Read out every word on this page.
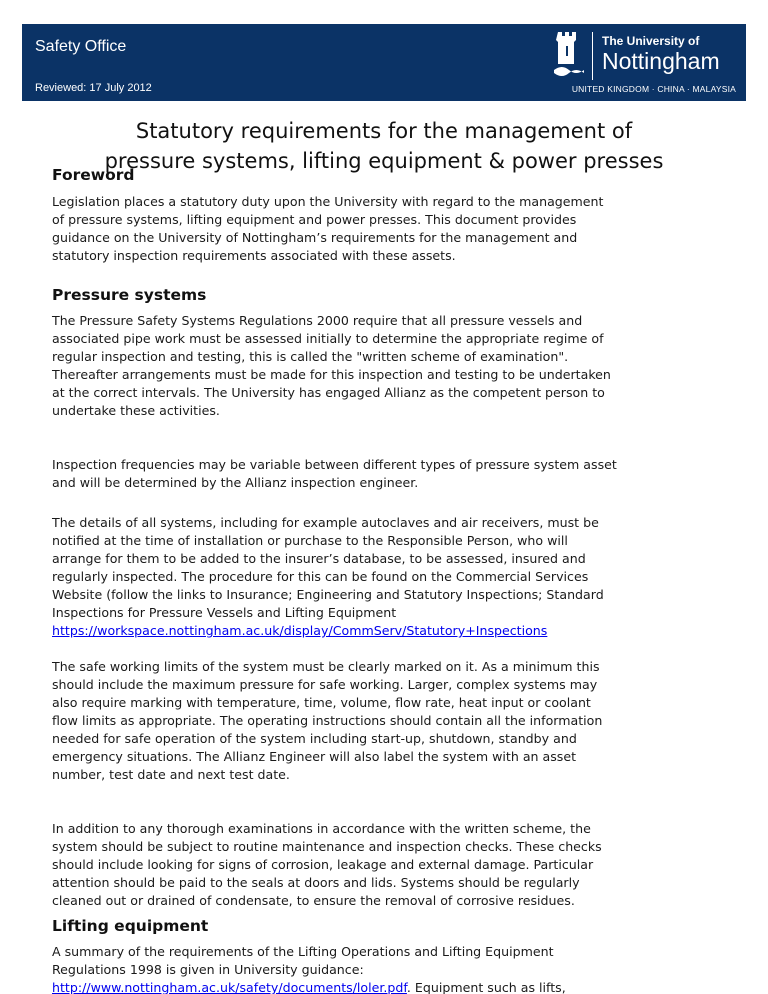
Safety Office
Reviewed: 17 July 2012
The University of
Nottingham
UNITED KINGDOM · CHINA · MALAYSIA
Statutory requirements for the management of
pressure systems, lifting equipment & power presses
Foreword
Legislation places a statutory duty upon the University with regard to the management
of pressure systems, lifting equipment and power presses. This document provides
guidance on the University of Nottingham’s requirements for the management and
statutory inspection requirements associated with these assets.
Pressure systems
The Pressure Safety Systems Regulations 2000 require that all pressure vessels and
associated pipe work must be assessed initially to determine the appropriate regime of
regular inspection and testing, this is called the "written scheme of examination".
Thereafter arrangements must be made for this inspection and testing to be undertaken
at the correct intervals. The University has engaged Allianz as the competent person to
undertake these activities.
Inspection frequencies may be variable between different types of pressure system asset
and will be determined by the Allianz inspection engineer.
The details of all systems, including for example autoclaves and air receivers, must be
notified at the time of installation or purchase to the Responsible Person, who will
arrange for them to be added to the insurer’s database, to be assessed, insured and
regularly inspected. The procedure for this can be found on the Commercial Services
Website (follow the links to Insurance; Engineering and Statutory Inspections; Standard
Inspections for Pressure Vessels and Lifting Equipment
https://workspace.nottingham.ac.uk/display/CommServ/Statutory+Inspections
The safe working limits of the system must be clearly marked on it. As a minimum this
should include the maximum pressure for safe working. Larger, complex systems may
also require marking with temperature, time, volume, flow rate, heat input or coolant
flow limits as appropriate. The operating instructions should contain all the information
needed for safe operation of the system including start-up, shutdown, standby and
emergency situations. The Allianz Engineer will also label the system with an asset
number, test date and next test date.
In addition to any thorough examinations in accordance with the written scheme, the
system should be subject to routine maintenance and inspection checks. These checks
should include looking for signs of corrosion, leakage and external damage. Particular
attention should be paid to the seals at doors and lids. Systems should be regularly
cleaned out or drained of condensate, to ensure the removal of corrosive residues.
Lifting equipment
A summary of the requirements of the Lifting Operations and Lifting Equipment
Regulations 1998 is given in University guidance:
http://www.nottingham.ac.uk/safety/documents/loler.pdf. Equipment such as lifts,
